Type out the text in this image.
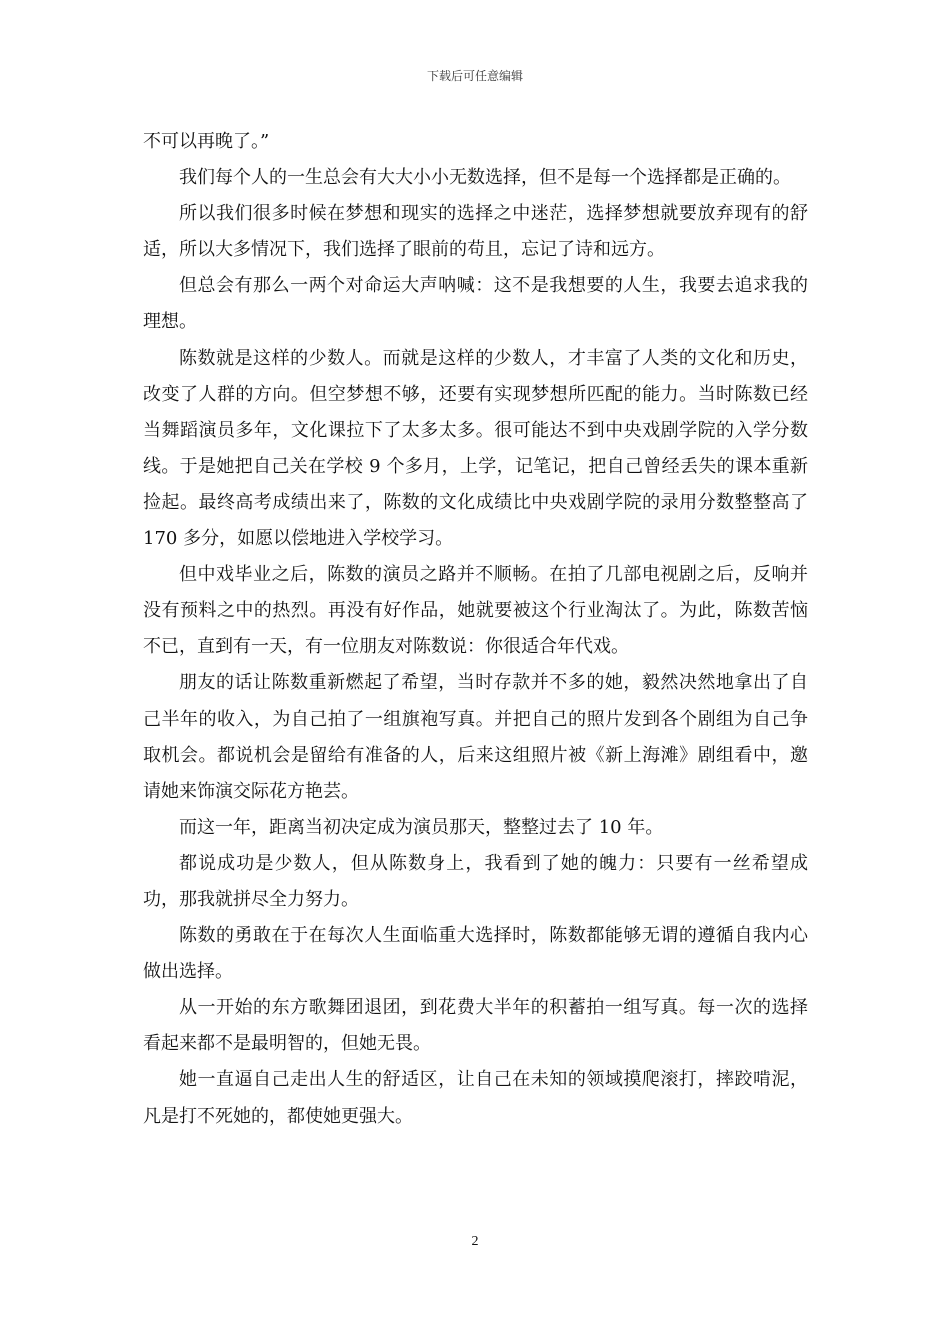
下载后可任意编辑

不可以再晚了。”

我们每个人的一生总会有大大小小无数选择，但不是每一个选择都是正确的。

所以我们很多时候在梦想和现实的选择之中迷茫，选择梦想就要放弃现有的舒适，所以大多情况下，我们选择了眼前的苟且，忘记了诗和远方。

但总会有那么一两个对命运大声呐喊：这不是我想要的人生，我要去追求我的理想。

陈数就是这样的少数人。而就是这样的少数人，才丰富了人类的文化和历史，改变了人群的方向。但空梦想不够，还要有实现梦想所匹配的能力。当时陈数已经当舞蹈演员多年，文化课拉下了太多太多。很可能达不到中央戏剧学院的入学分数线。于是她把自己关在学校 9 个多月，上学，记笔记，把自己曾经丢失的课本重新捡起。最终高考成绩出来了，陈数的文化成绩比中央戏剧学院的录用分数整整高了 170 多分，如愿以偿地进入学校学习。

但中戏毕业之后，陈数的演员之路并不顺畅。在拍了几部电视剧之后，反响并没有预料之中的热烈。再没有好作品，她就要被这个行业淘汰了。为此，陈数苦恼不已，直到有一天，有一位朋友对陈数说：你很适合年代戏。

朋友的话让陈数重新燃起了希望，当时存款并不多的她，毅然决然地拿出了自己半年的收入，为自己拍了一组旗袍写真。并把自己的照片发到各个剧组为自己争取机会。都说机会是留给有准备的人，后来这组照片被《新上海滩》剧组看中，邀请她来饰演交际花方艳芸。

而这一年，距离当初决定成为演员那天，整整过去了 10 年。

都说成功是少数人，但从陈数身上，我看到了她的魄力：只要有一丝希望成功，那我就拼尽全力努力。

陈数的勇敢在于在每次人生面临重大选择时，陈数都能够无谓的遵循自我内心做出选择。

从一开始的东方歌舞团退团，到花费大半年的积蓄拍一组写真。每一次的选择看起来都不是最明智的，但她无畏。

她一直逼自己走出人生的舒适区，让自己在未知的领域摸爬滚打，摔跤啃泥，凡是打不死她的，都使她更强大。

2
